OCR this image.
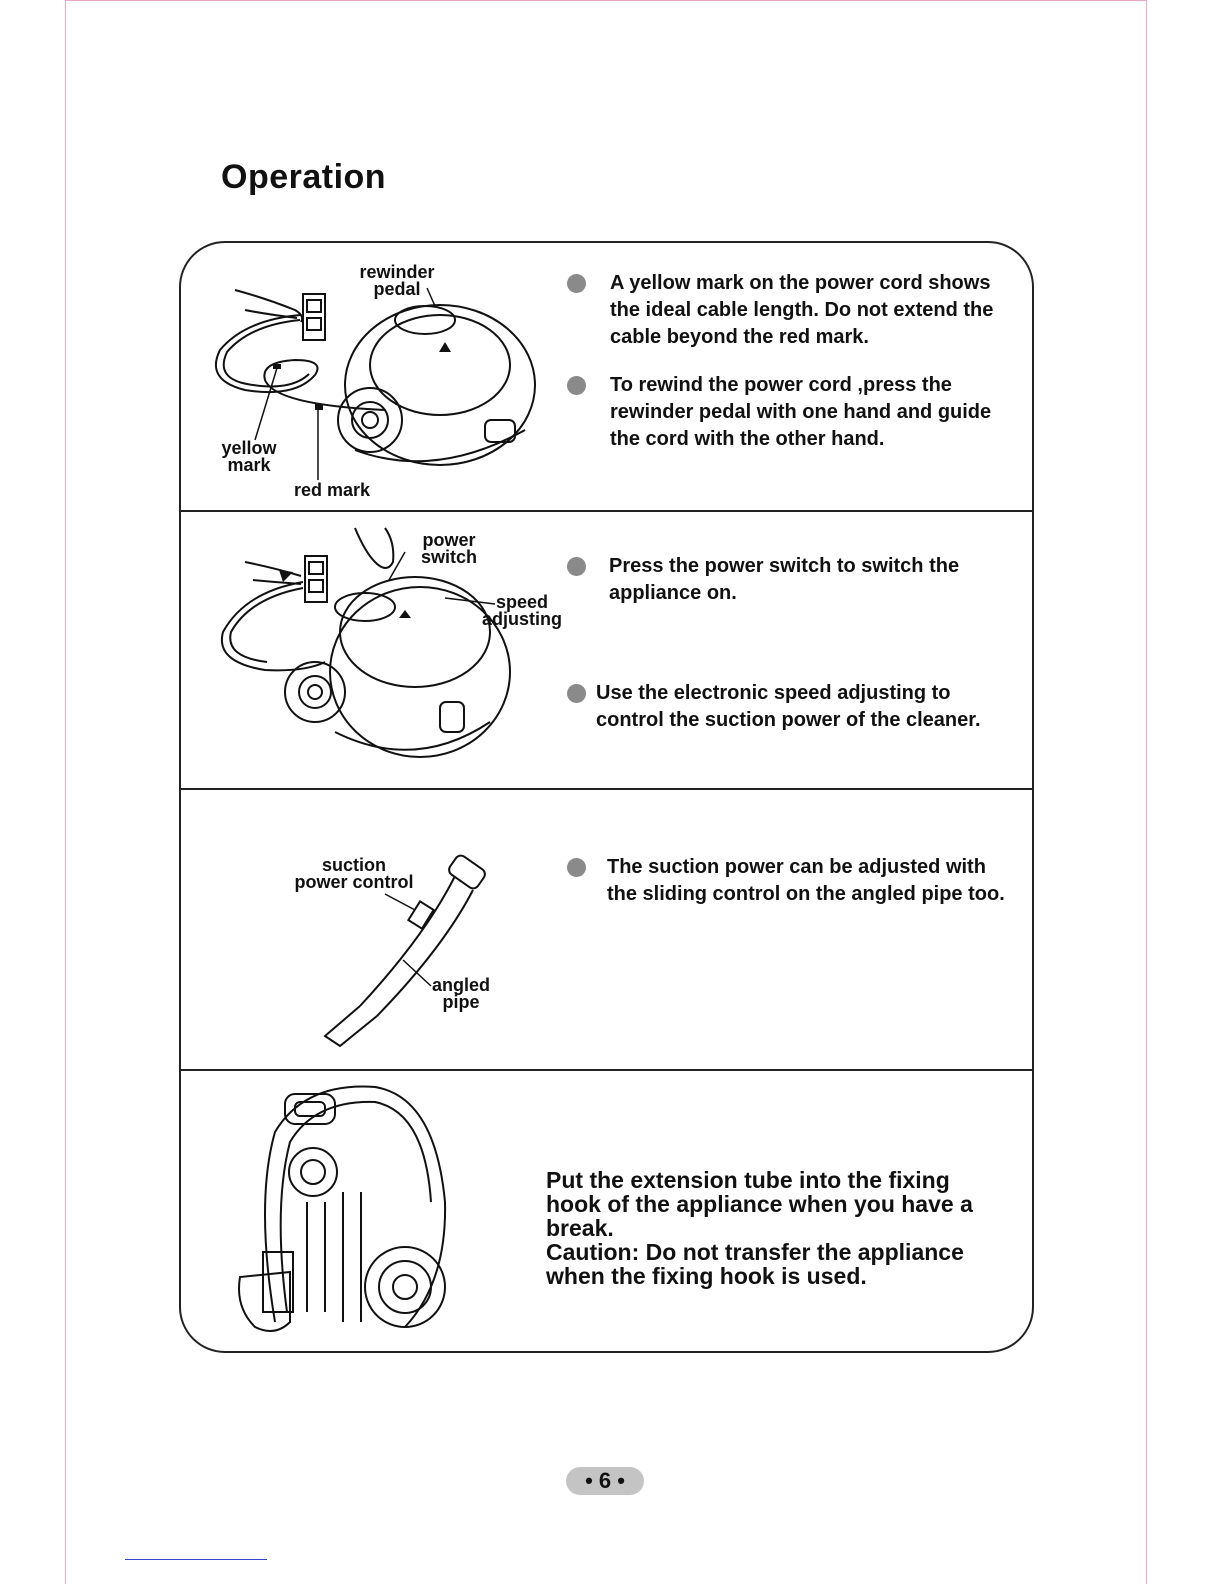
Operation
rewinder
pedal
yellow
mark
red mark
A yellow mark on the power cord shows the ideal cable length. Do not extend the cable beyond the red mark.
To rewind the power cord ,press the rewinder pedal with one hand and guide the cord with the other hand.
power
switch
speed
adjusting
Press the power switch to switch the appliance on.
Use the electronic speed adjusting to control the suction power of the cleaner.
suction
power control
angled
pipe
The suction power can be adjusted with the sliding control on the angled pipe too.
Put the extension tube into the fixing hook of the appliance when you have a break.
Caution: Do not transfer the appliance when the fixing hook is used.
• 6 •
